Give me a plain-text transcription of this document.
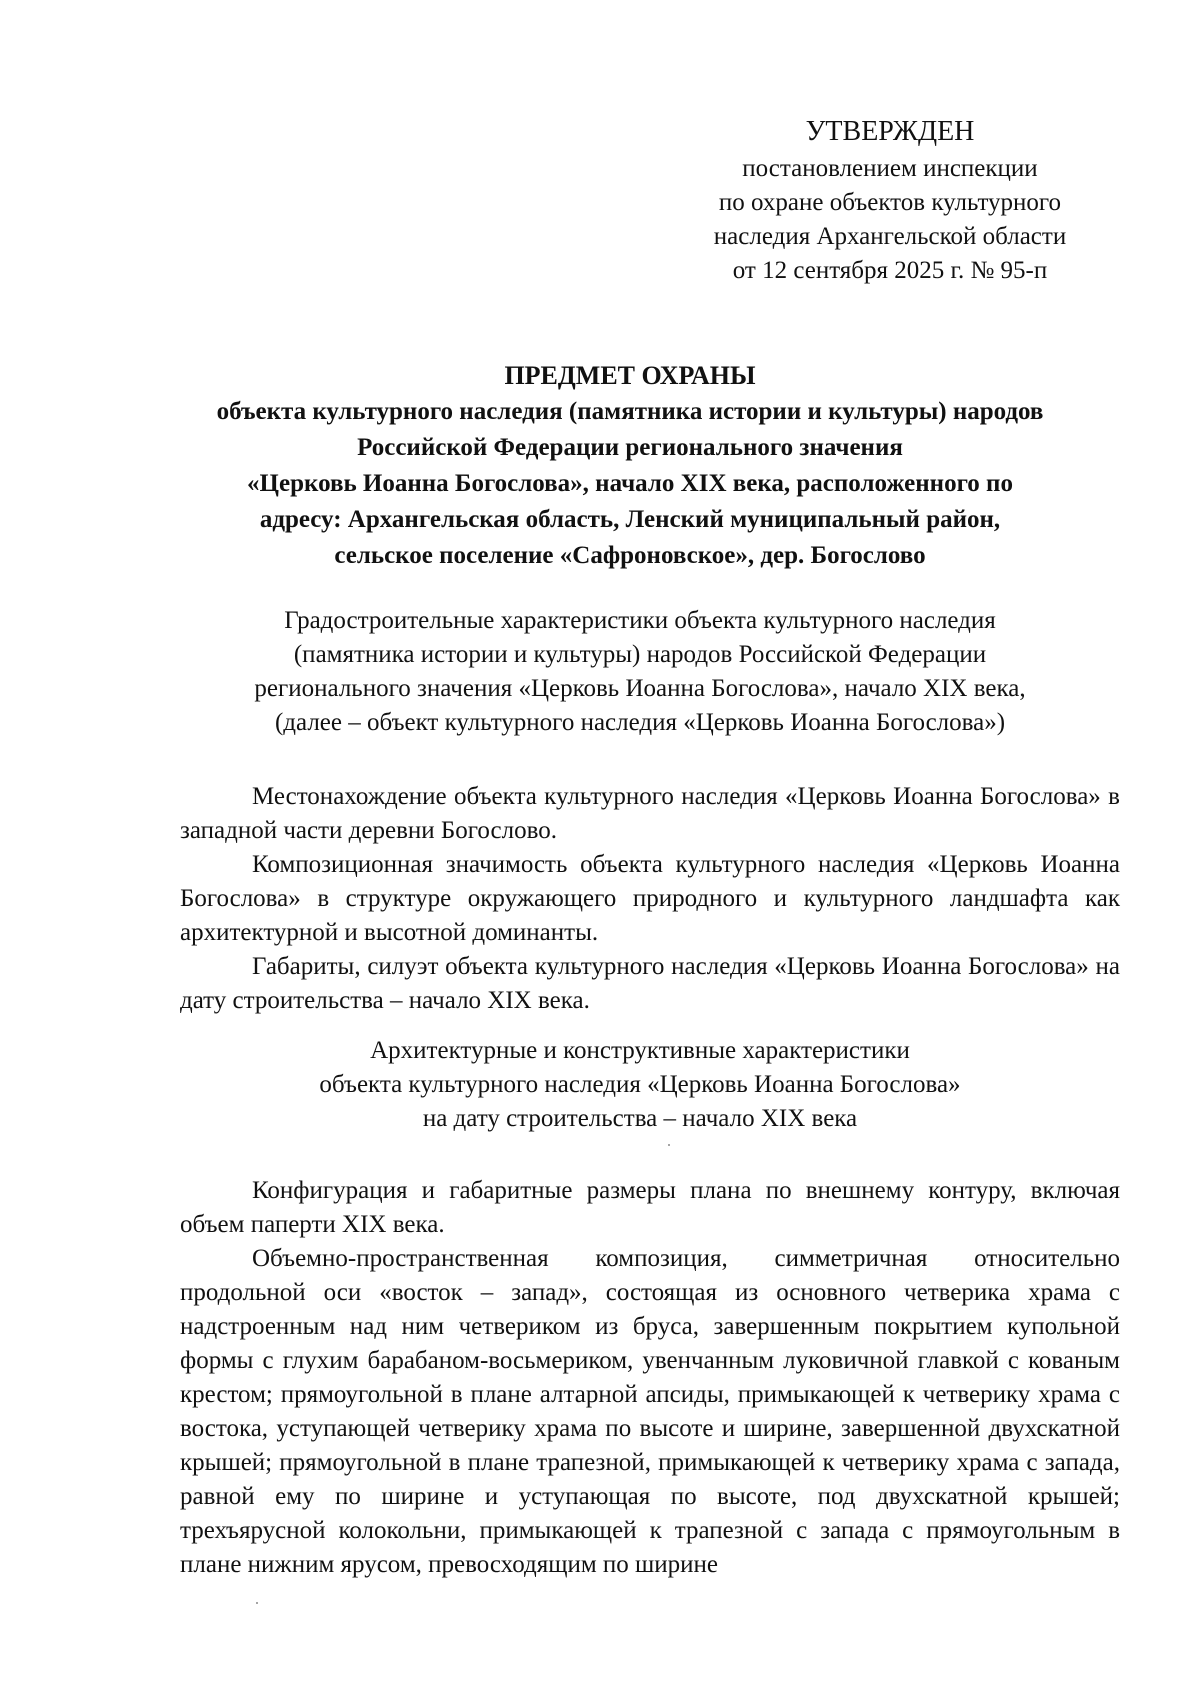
УТВЕРЖДЕН
постановлением инспекции
по охране объектов культурного
наследия Архангельской области
от 12 сентября 2025 г. № 95-п
ПРЕДМЕТ ОХРАНЫ
объекта культурного наследия (памятника истории и культуры) народов
Российской Федерации регионального значения
«Церковь Иоанна Богослова», начало XIX века, расположенного по
адресу: Архангельская область, Ленский муниципальный район,
сельское поселение «Сафроновское», дер. Богослово
Градостроительные характеристики объекта культурного наследия
(памятника истории и культуры) народов Российской Федерации
регионального значения «Церковь Иоанна Богослова», начало XIX века,
(далее – объект культурного наследия «Церковь Иоанна Богослова»)

Местонахождение объекта культурного наследия «Церковь Иоанна Богослова» в западной части деревни Богослово.

Композиционная значимость объекта культурного наследия «Церковь Иоанна Богослова» в структуре окружающего природного и культурного ландшафта как архитектурной и высотной доминанты.

Габариты, силуэт объекта культурного наследия «Церковь Иоанна Богослова» на дату строительства – начало XIX века.

Архитектурные и конструктивные характеристики
объекта культурного наследия «Церковь Иоанна Богослова»
на дату строительства – начало XIX века

Конфигурация и габаритные размеры плана по внешнему контуру, включая объем паперти XIX века.

Объемно-пространственная композиция, симметричная относительно продольной оси «восток – запад», состоящая из основного четверика храма с надстроенным над ним четвериком из бруса, завершенным покрытием купольной формы с глухим барабаном-восьмериком, увенчанным луковичной главкой с кованым крестом; прямоугольной в плане алтарной апсиды, примыкающей к четверику храма с востока, уступающей четверику храма по высоте и ширине, завершенной двухскатной крышей; прямоугольной в плане трапезной, примыкающей к четверику храма с запада, равной ему по ширине и уступающая по высоте, под двухскатной крышей; трехъярусной колокольни, примыкающей к трапезной с запада с прямоугольным в плане нижним ярусом, превосходящим по ширине
